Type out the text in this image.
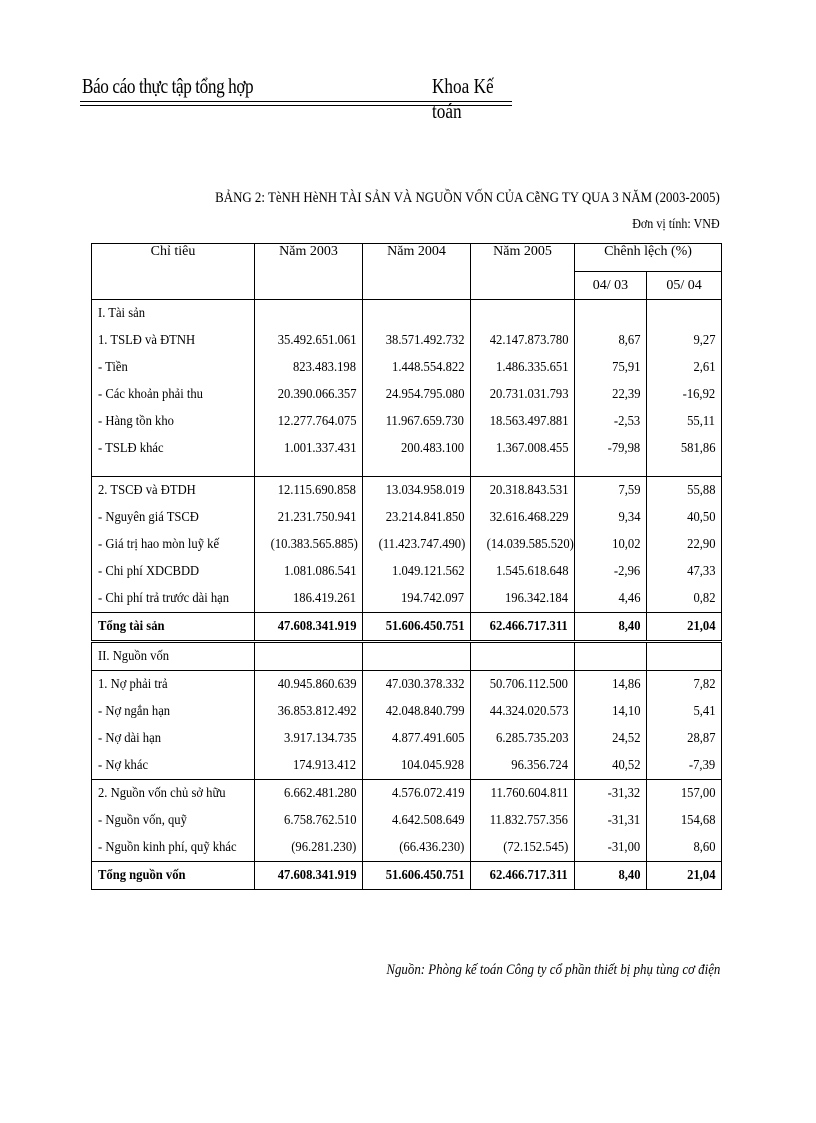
Báo cáo thực tập tổng hợp	Khoa Kế toán
BẢNG 2: TèNH HèNH TÀI SẢN VÀ NGUỒN VỐN CỦA CễNG TY QUA 3 NĂM (2003-2005)
Đơn vị tính: VNĐ
Chỉ tiêu	Năm 2003	Năm 2004	Năm 2005	Chênh lệch (%)	
				04/ 03	05/ 04
I. Tài sản					
1. TSLĐ và ĐTNH	35.492.651.061	38.571.492.732	42.147.873.780	8,67	9,27
- Tiền	823.483.198	1.448.554.822	1.486.335.651	75,91	2,61
- Các khoản phải thu	20.390.066.357	24.954.795.080	20.731.031.793	22,39	-16,92
- Hàng tồn kho	12.277.764.075	11.967.659.730	18.563.497.881	-2,53	55,11
- TSLĐ khác	1.001.337.431	200.483.100	1.367.008.455	-79,98	581,86

2. TSCĐ và ĐTDH	12.115.690.858	13.034.958.019	20.318.843.531	7,59	55,88
- Nguyên giá TSCĐ	21.231.750.941	23.214.841.850	32.616.468.229	9,34	40,50
- Giá trị hao mòn luỹ kế	(10.383.565.885)	(11.423.747.490)	(14.039.585.520)	10,02	22,90
- Chi phí XDCBDD	1.081.086.541	1.049.121.562	1.545.618.648	-2,96	47,33
- Chi phí trả trước dài hạn	186.419.261	194.742.097	196.342.184	4,46	0,82
Tổng tài sản	47.608.341.919	51.606.450.751	62.466.717.311	8,40	21,04
II. Nguồn vốn					
1. Nợ phải trả	40.945.860.639	47.030.378.332	50.706.112.500	14,86	7,82
- Nợ ngắn hạn	36.853.812.492	42.048.840.799	44.324.020.573	14,10	5,41
- Nợ dài hạn	3.917.134.735	4.877.491.605	6.285.735.203	24,52	28,87
- Nợ khác	174.913.412	104.045.928	96.356.724	40,52	-7,39
2. Nguồn vốn chủ sở hữu	6.662.481.280	4.576.072.419	11.760.604.811	-31,32	157,00
- Nguồn vốn, quỹ	6.758.762.510	4.642.508.649	11.832.757.356	-31,31	154,68
- Nguồn kinh phí, quỹ khác	(96.281.230)	(66.436.230)	(72.152.545)	-31,00	8,60
Tổng nguồn vốn	47.608.341.919	51.606.450.751	62.466.717.311	8,40	21,04
Nguồn: Phòng kế toán Công ty cổ phần thiết bị phụ tùng cơ điện
